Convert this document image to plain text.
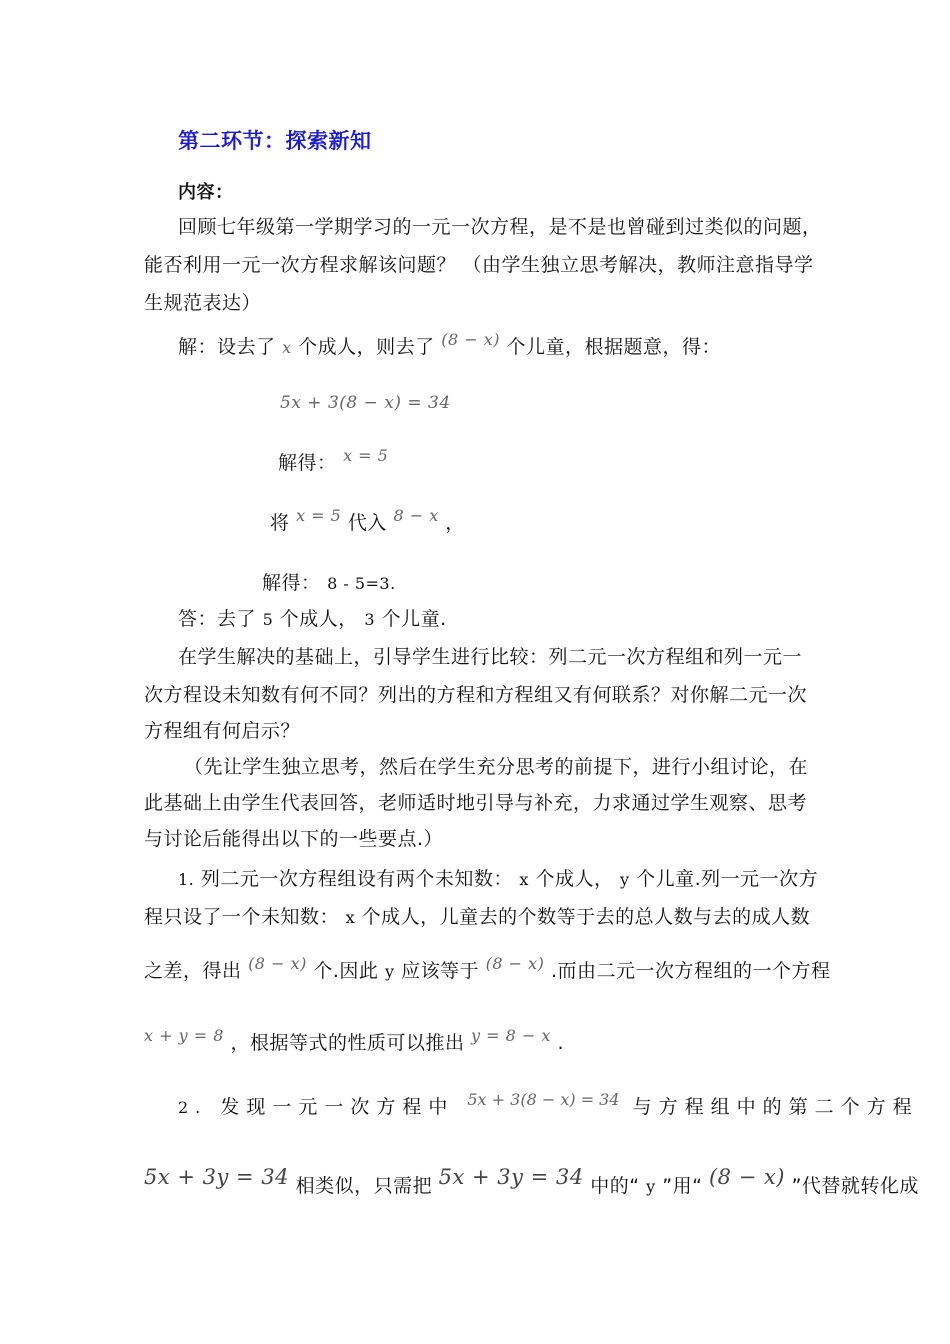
第二环节：探索新知
内容：
回顾七年级第一学期学习的一元一次方程，是不是也曾碰到过类似的问题，
能否利用一元一次方程求解该问题？ （由学生独立思考解决，教师注意指导学
生规范表达）
解：设去了 x 个成人，则去了 $^{(8 - x)}$ 个儿童，根据题意，得：
5x + 3(8 − x) = 34
解得： $^{x = 5}$
将 $^{x = 5}$ 代入 $^{8 - x}$ ，
解得： 8 - 5=3.
答：去了 5 个成人， 3 个儿童.
在学生解决的基础上，引导学生进行比较：列二元一次方程组和列一元一
次方程设未知数有何不同？列出的方程和方程组又有何联系？对你解二元一次
方程组有何启示？
（先让学生独立思考，然后在学生充分思考的前提下，进行小组讨论，在
此基础上由学生代表回答，老师适时地引导与补充，力求通过学生观察、思考
与讨论后能得出以下的一些要点.）
1. 列二元一次方程组设有两个未知数： x 个成人， y 个儿童.列一元一次方
程只设了一个未知数： x 个成人，儿童去的个数等于去的总人数与去的成人数
之差，得出 $^{(8 - x)}$ 个.因此 y 应该等于 $^{(8 - x)}$ .而由二元一次方程组的一个方程
$^{x + y = 8}$ ，根据等式的性质可以推出 $^{y = 8 - x}$ .
2. 发现一元一次方程中 $^{5x + 3(8 - x) = 34}$ 与方程组中的第二个方程
5x + 3y = 34 相类似，只需把 5x + 3y = 34 中的“ y ”用“ (8 − x) ”代替就转化成
